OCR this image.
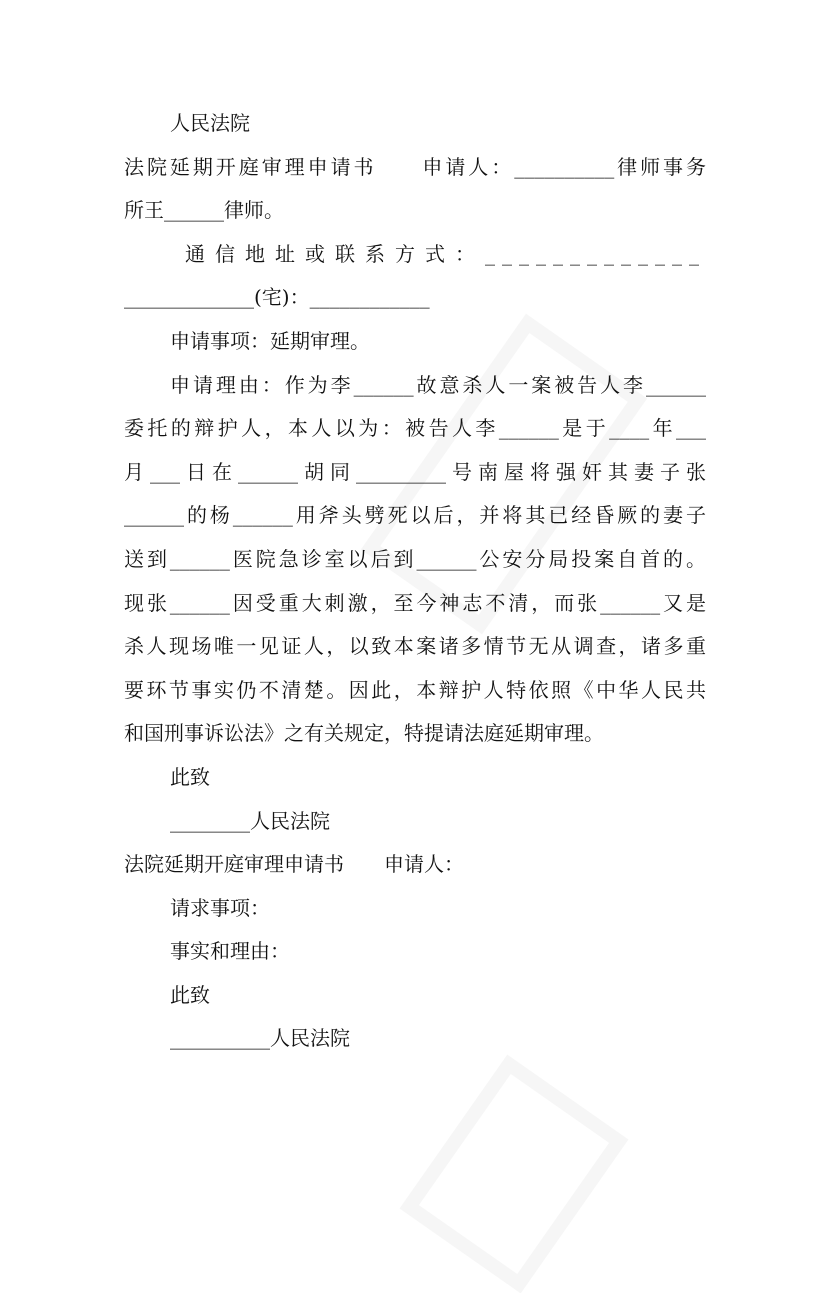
人民法院
法院延期开庭审理申请书　　申请人：__________律师事务
所王______律师。
通信地址或联系方式：_____________
_____________(宅)：____________
申请事项：延期审理。
申请理由：作为李______故意杀人一案被告人李______
委托的辩护人，本人以为：被告人李______是于____年___
月___日在______胡同_________号南屋将强奸其妻子张
______的杨______用斧头劈死以后，并将其已经昏厥的妻子
送到______医院急诊室以后到______公安分局投案自首的。
现张______因受重大刺激，至今神志不清，而张______又是
杀人现场唯一见证人，以致本案诸多情节无从调查，诸多重
要环节事实仍不清楚。因此，本辩护人特依照《中华人民共
和国刑事诉讼法》之有关规定，特提请法庭延期审理。
此致
________人民法院
法院延期开庭审理申请书　　申请人：
请求事项：
事实和理由：
此致
__________人民法院
